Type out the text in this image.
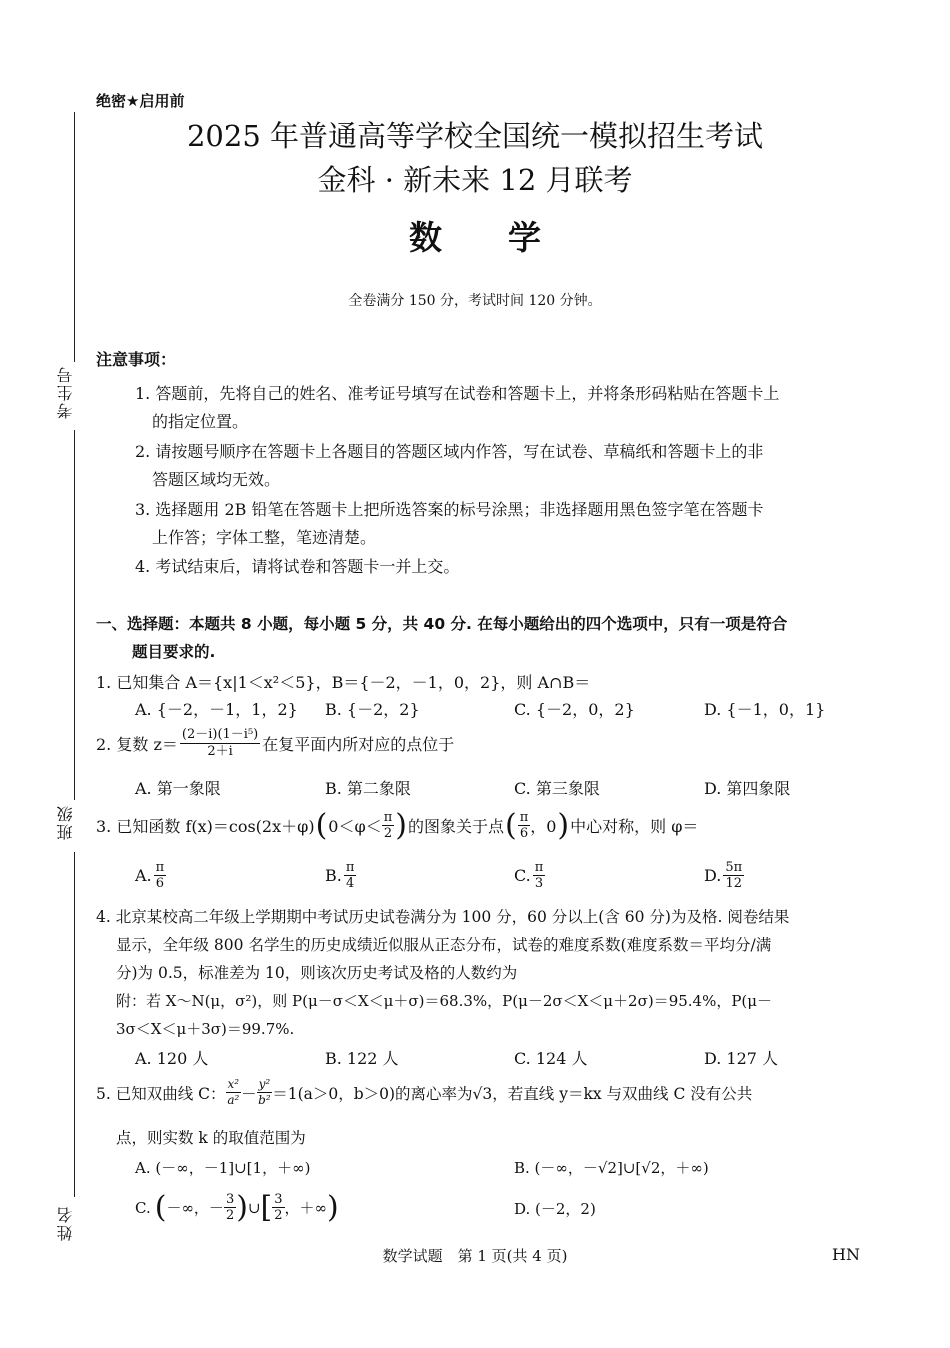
考生号
班级
姓名
绝密★启用前
2025 年普通高等学校全国统一模拟招生考试
金科 · 新未来 12 月联考
数　　学
全卷满分 150 分，考试时间 120 分钟。
注意事项：
1. 答题前，先将自己的姓名、准考证号填写在试卷和答题卡上，并将条形码粘贴在答题卡上
的指定位置。
2. 请按题号顺序在答题卡上各题目的答题区域内作答，写在试卷、草稿纸和答题卡上的非
答题区域均无效。
3. 选择题用 2B 铅笔在答题卡上把所选答案的标号涂黑；非选择题用黑色签字笔在答题卡
上作答；字体工整，笔迹清楚。
4. 考试结束后，请将试卷和答题卡一并上交。
一、选择题：本题共 8 小题，每小题 5 分，共 40 分. 在每小题给出的四个选项中，只有一项是符合
题目要求的.
1. 已知集合 A＝{x|1＜x²＜5}，B＝{－2，－1，0，2}，则 A∩B＝
A. {－2，－1，1，2} B. {－2，2}	C. {－2，0，2}	D. {－1，0，1}
2. 复数 $z= \frac{\text{(2－i)(1－i⁵)}}{2+i}$ 在复平面内所对应的点位于
A. 第一象限	B. 第二象限	C. 第三象限	D. 第四象限
3. 已知函数 f(x)＝cos(2x＋φ) ( 0＜φ＜ π
2 ) 的图象关于点 ( π
6 ，0 ) 中心对称，则 φ＝
A. $\frac{\pi}{6}$	B. $\frac{\pi}{4}$	C. $\frac{\pi}{3}$	D. $\frac{5\pi}{12}$
4. 北京某校高二年级上学期期中考试历史试卷满分为 100 分，60 分以上(含 60 分)为及格. 阅卷结果
显示，全年级 800 名学生的历史成绩近似服从正态分布，试卷的难度系数(难度系数＝平均分/满
分)为 0.5，标准差为 10，则该次历史考试及格的人数约为
附：若 X～N(μ，σ²)，则 P(μ－σ＜X＜μ＋σ)＝68.3%，P(μ－2σ＜X＜μ＋2σ)＝95.4%，P(μ－
3σ＜X＜μ＋3σ)＝99.7%.
A. 120 人	B. 122 人	C. 124 人	D. 127 人
5. 已知双曲线 C： $\frac{\text{x²}}{\text{a²}} - \frac{\text{y²}}{\text{b²}} =1(a>0$，b＞0)的离心率为√3，若直线 y＝kx 与双曲线 C 没有公共
点，则实数 k 的取值范围为
A. (－∞，－1]∪[1，＋∞)	B. (－∞，－√2]∪[√2，＋∞)
C. ( －∞，－ $\frac{3}{2}$ ) ∪ [ $\frac{3}{2}$ ，＋∞ )	D. (－2，2)
数学试题　第 1 页(共 4 页)	HN
